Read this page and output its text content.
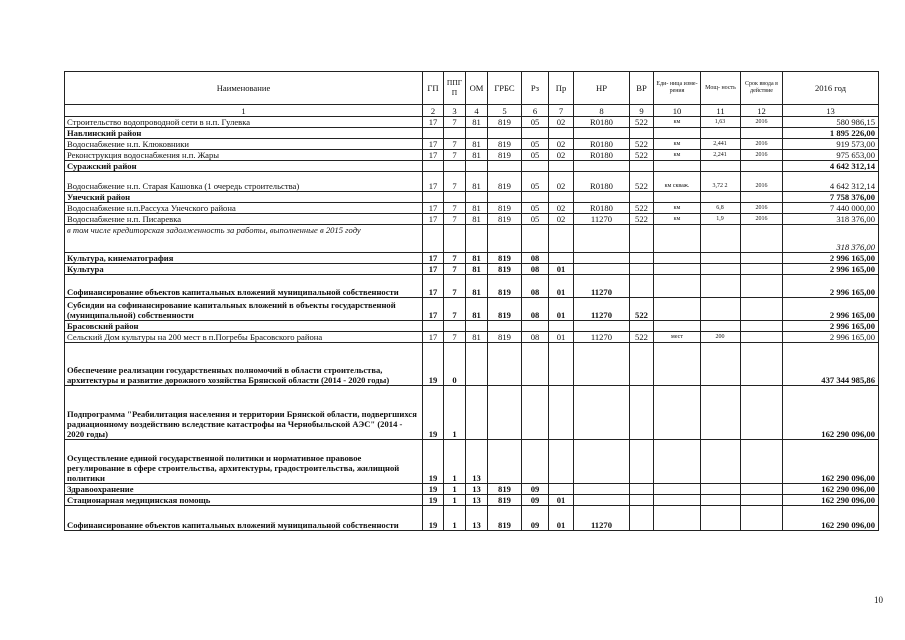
Наименование	ГП	ППГП	ОМ	ГРБС	Рз	Пр	НР	ВР	Еди- ница изме- рения	Мощ- ность	Срок ввода в действие	2016 год
1	2	3	4	5	6	7	8	9	10	11	12	13
Строительство водопроводной сети в н.п. Гулевка	17	7	81	819	05	02	R0180	522	км	1,63	2016	580 986,15
Навлинский район												1 895 226,00
Водоснабжение н.п. Клюковники	17	7	81	819	05	02	R0180	522	км	2,441	2016	919 573,00
Реконструкция водоснабжения н.п. Жары	17	7	81	819	05	02	R0180	522	км	2,241	2016	975 653,00
Суражский район												4 642 312,14
Водоснабжение н.п. Старая Кашовка (1 очередь строительства)	17	7	81	819	05	02	R0180	522	км скваж.	3,72 2	2016	4 642 312,14
Унечский район												7 758 376,00
Водоснабжение н.п.Рассуха Унечского района	17	7	81	819	05	02	R0180	522	км	6,8	2016	7 440 000,00
Водоснабжение н.п. Писаревка	17	7	81	819	05	02	11270	522	км	1,9	2016	318 376,00
в том числе кредиторская задолженность за работы, выполненные в 2015 году												318 376,00
Культура, кинематография	17	7	81	819	08							2 996 165,00
Культура	17	7	81	819	08	01						2 996 165,00
Софинансирование объектов капитальных вложений муниципальной собственности	17	7	81	819	08	01	11270					2 996 165,00
Субсидии на софинансирование капитальных вложений в объекты государственной (муниципальной) собственности	17	7	81	819	08	01	11270	522				2 996 165,00
Брасовский район												2 996 165,00
Сельский Дом культуры на 200 мест в п.Погребы Брасовского района	17	7	81	819	08	01	11270	522	мест	200		2 996 165,00
Обеспечение реализации государственных полномочий в области строительства, архитектуры и развитие дорожного хозяйства Брянской области (2014 - 2020 годы)	19	0										437 344 985,86
Подпрограмма "Реабилитация населения и территории Брянской области, подвергшихся радиационному воздействию вследствие катастрофы на Чернобыльской АЭС" (2014 - 2020 годы)	19	1										162 290 096,00
Осуществление единой государственной политики и нормативное правовое регулирование в сфере строительства, архитектуры, градостроительства, жилищной политики	19	1	13									162 290 096,00
Здравоохранение	19	1	13	819	09							162 290 096,00
Стационарная медицинская помощь	19	1	13	819	09	01						162 290 096,00
Софинансирование объектов капитальных вложений муниципальной собственности	19	1	13	819	09	01	11270					162 290 096,00
10
